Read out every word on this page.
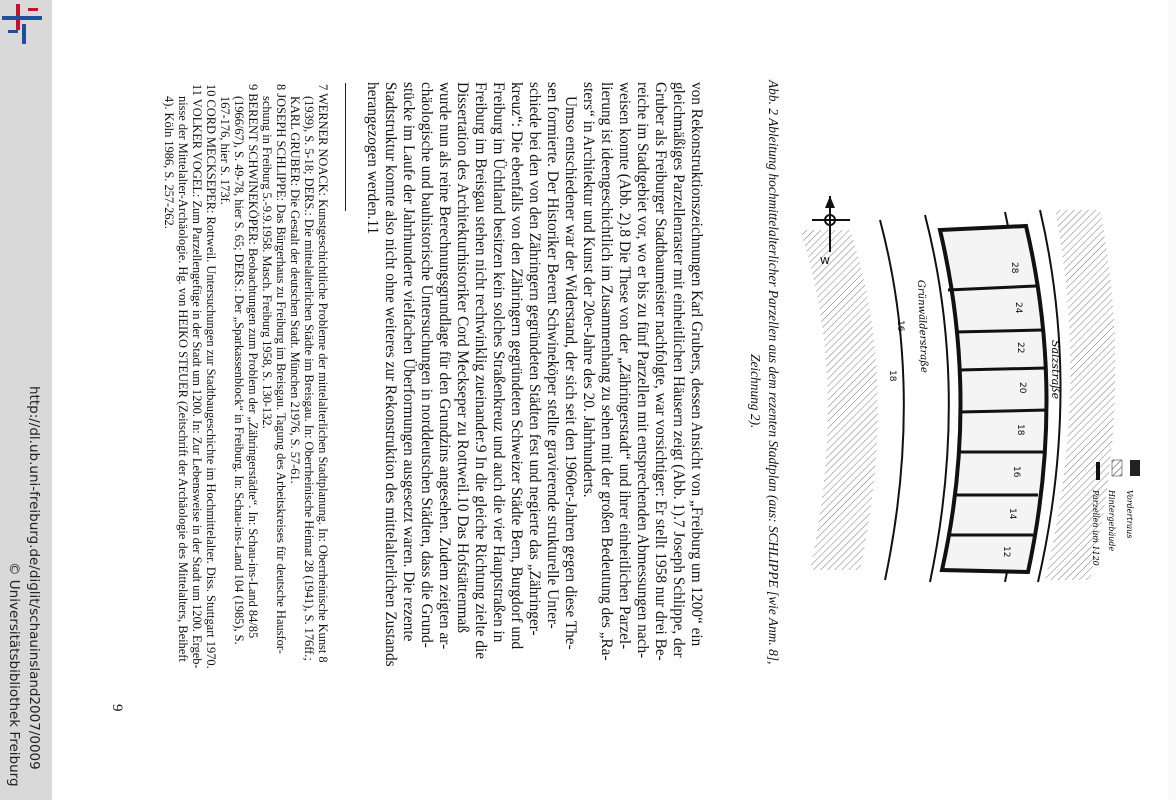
http://dl.ub.uni-freiburg.de/diglit/schauinsland2007/0009
© Universitätsbibliothek Freiburg
Abb. 2 Ableitung hochmittelalterlicher Parzellen aus dem rezenten Stadtplan (aus: SCHLIPPE [wie Anm. 8],
Zeichnung 2).
28
24
22
20
18
16
14
12
18
16
Salzstraße
Grünwälderstraße
Vordertraus
Hintergebäude
Parzellen um 1120
von Rekonstruktionszeichnungen Karl Grubers, dessen Ansicht von „Freiburg um 1200“ ein
gleichmäßiges Parzellenraster mit einheitlichen Häusern zeigt (Abb. 1).7 Joseph Schlippe, der
Gruber als Freiburger Stadtbaumeister nachfolgte, war vorsichtiger: Er stellt 1958 nur drei Be-
reiche im Stadtgebiet vor, wo er bis zu fünf Parzellen mit entsprechenden Abmessungen nach-
weisen konnte (Abb. 2).8 Die These von der „Zähringerstadt“ und ihrer einheitlichen Parzel-
lierung ist ideengeschichtlich im Zusammenhang zu sehen mit der großen Bedeutung des „Ra-
sters“ in Architektur und Kunst der 20er-Jahre des 20. Jahrhunderts.
Umso entschiedener war der Widerstand, der sich seit den 1960er-Jahren gegen diese The-
sen formierte. Der Historiker Berent Schwineköper stellte gravierende strukturelle Unter-
schiede bei den von den Zähringern gegründeten Städten fest und negierte das „Zähringer-
kreuz“: Die ebenfalls von den Zähringern gegründeten Schweizer Städte Bern, Burgdorf und
Freiburg im Üchtland besitzen kein solches Straßenkreuz und auch die vier Hauptstraßen in
Freiburg im Breisgau stehen nicht rechtwinklig zueinander.9 In die gleiche Richtung zielte die
Dissertation des Architekturhistoriker Cord Meckseper zu Rottweil.10 Das Hofstättenmaß
wurde nun als reine Berechnungsgrundlage für den Grundzins angesehen. Zudem zeigten ar-
chäologische und bauhistorische Untersuchungen in norddeutschen Städten, dass die Grund-
stücke im Laufe der Jahrhunderte vielfachen Überformungen ausgesetzt waren. Die rezente
Stadtstruktur konnte also nicht ohne weiteres zur Rekonstruktion des mittelalterlichen Zustands
herangezogen werden.11
7 WERNER NOACK: Kunstgeschichtliche Probleme der mittelalterlichen Stadtplanung. In: Oberrheinische Kunst 8
(1939), S. 5-18; DERS.: Die mittelalterlichen Städte im Breisgau. In: Oberrheinische Heimat 28 (1941), S. 176ff.;
KARL GRUBER: Die Gestalt der deutschen Stadt. München 21976, S. 57-61.
8 JOSEPH SCHLIPPE: Das Bürgerhaus zu Freiburg im Breisgau. Tagung des Arbeitskreises für deutsche Hausfor-
schung in Freiburg 5.-9.9.1958. Masch. Freiburg 1958, S. 130-132.
9 BERENT SCHWINEKÖPER: Beobachtungen zum Problem der „Zähringerstädte“. In: Schau-ins-Land 84/85
(1966/67), S. 49-78, hier S. 65; DERS.: Der „Sparkassenblock“ in Freiburg. In: Schau-ins-Land 104 (1985), S.
167-176, hier S. 173f.
10 CORD MECKSEPER: Rottweil. Untersuchungen zur Stadtbaugeschichte im Hochmittelalter. Diss. Stuttgart 1970.
11 VOLKER VOGEL: Zum Parzellengefüge in der Stadt um 1200. In: Zur Lebensweise in der Stadt um 1200. Ergeb-
nisse der Mittelalter-Archäologie. Hg. von HEIKO STEUER (Zeitschrift der Archäologie des Mittelalters, Beiheft
4). Köln 1986, S. 257-262.
9
